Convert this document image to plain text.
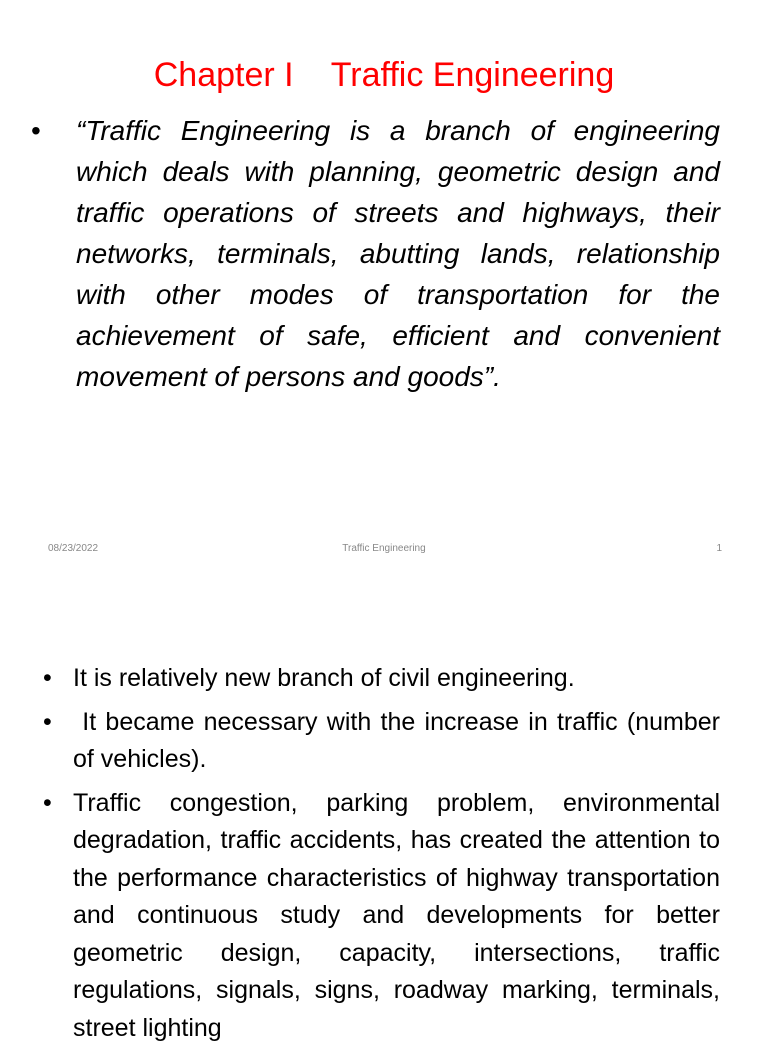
Chapter I    Traffic Engineering
• “Traffic Engineering is a branch of engineering which deals with planning, geometric design and traffic operations of streets and highways, their networks, terminals, abutting lands, relationship with other modes of transportation for the achievement of safe, efficient and convenient movement of persons and goods”.
08/23/2022	Traffic Engineering	1
• It is relatively new branch of civil engineering.
• It became necessary with the increase in traffic (number of vehicles).
• Traffic congestion, parking problem, environmental degradation, traffic accidents, has created the attention to the performance characteristics of highway transportation and continuous study and developments for better geometric design, capacity, intersections, traffic regulations, signals, signs, roadway marking, terminals, street lighting
